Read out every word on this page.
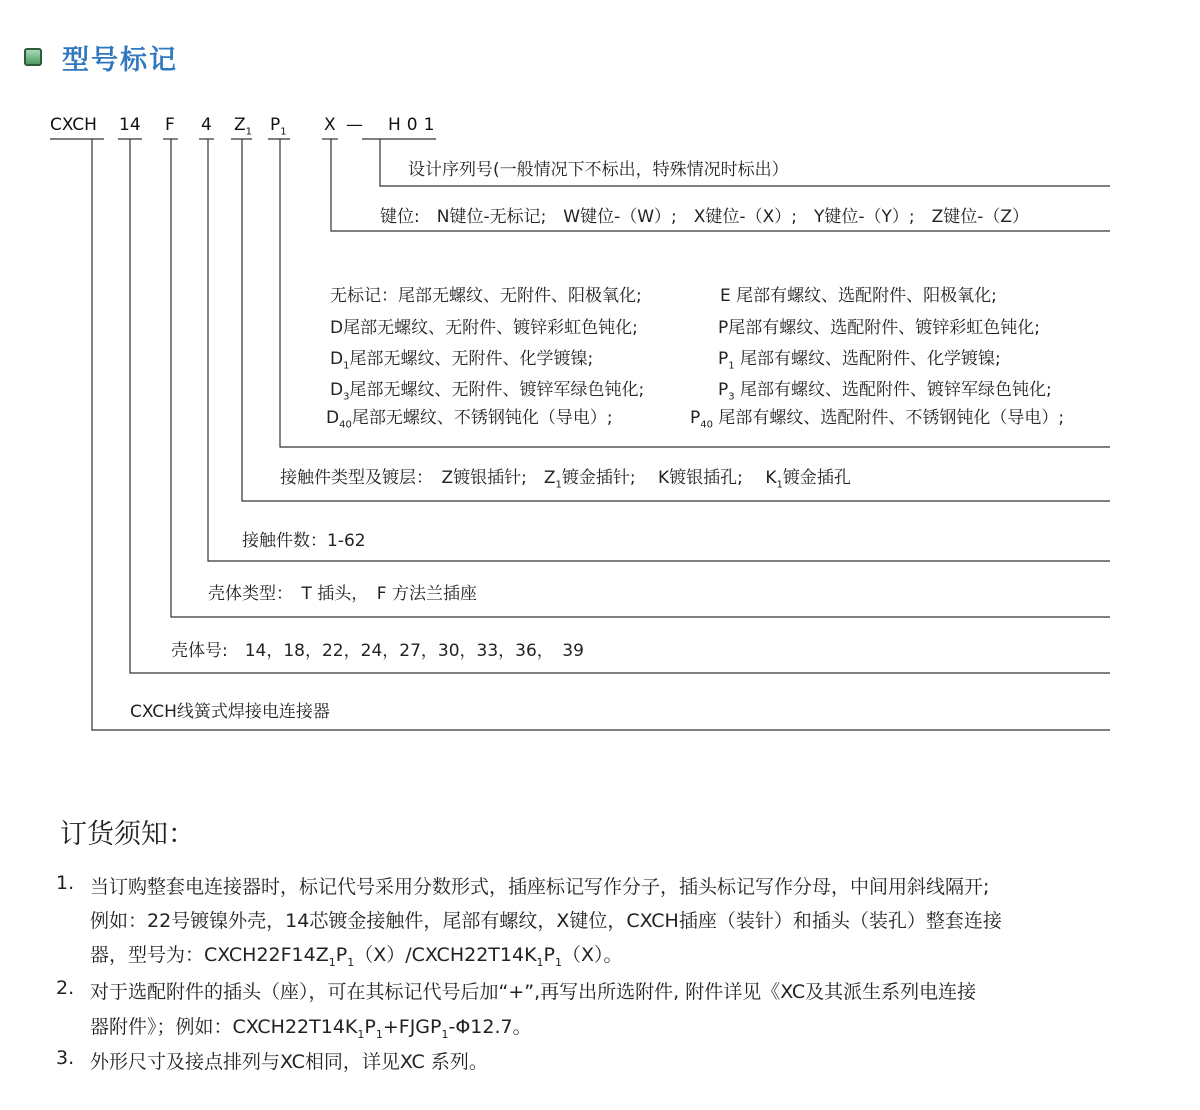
型号标记
CXCH 14 F 4 $Z_1$ $P_1$ X — H01
设计序列号(一般情况下不标出，特殊情况时标出）
键位:　N键位-无标记;　W键位-（W）;　X键位-（X）;　Y键位-（Y）;　Z键位-（Z）
无标记：尾部无螺纹、无附件、阳极氧化;
D尾部无螺纹、无附件、镀锌彩虹色钝化;
$D_1$尾部无螺纹、无附件、化学镀镍;
$D_3$尾部无螺纹、无附件、镀锌军绿色钝化;
$D_{40}$尾部无螺纹、不锈钢钝化（导电）;
E 尾部有螺纹、选配附件、阳极氧化;
P尾部有螺纹、选配附件、镀锌彩虹色钝化;
$P_1$ 尾部有螺纹、选配附件、化学镀镍;
$P_3$ 尾部有螺纹、选配附件、镀锌军绿色钝化;
$P_{40}$ 尾部有螺纹、选配附件、不锈钢钝化（导电）;
接触件类型及镀层：　Z镀银插针;　$Z_1$镀金插针;　 K镀银插孔;　 $K_1$镀金插孔
接触件数：1-62
壳体类型：　T 插头，　F 方法兰插座
壳体号:　14，18，22，24，27，30，33，36，　39
CXCH线簧式焊接电连接器
订货须知：
1. 当订购整套电连接器时，标记代号采用分数形式，插座标记写作分子，插头标记写作分母，中间用斜线隔开;
例如：22号镀镍外壳，14芯镀金接触件，尾部有螺纹，X键位，CXCH插座（装针）和插头（装孔）整套连接
器，型号为：$CXCH22F14Z_1P_1(X)/CXCH22T14K_1P_1(X)$。
2. 对于选配附件的插头（座），可在其标记代号后加“+”,再写出所选附件, 附件详见《XC及其派生系列电连接
器附件》；例如：$CXCH22T14K_1P_1+FJGP_1-\Phi 12.7$。
3. 外形尺寸及接点排列与XC相同，详见XC 系列。
